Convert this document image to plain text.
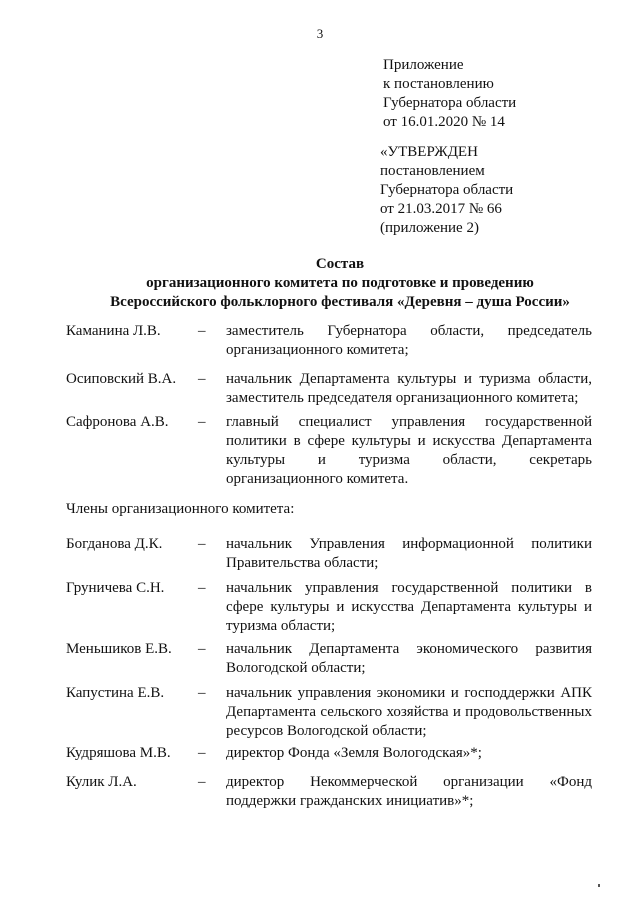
3
Приложение
к постановлению
Губернатора области
от 16.01.2020 № 14
«УТВЕРЖДЕН
постановлением
Губернатора области
от 21.03.2017 № 66
(приложение 2)
Состав
организационного комитета по подготовке и проведению
Всероссийского фольклорного фестиваля «Деревня – душа России»
Каманина Л.В. – заместитель Губернатора области, председатель организационного комитета;
Осиповский В.А. – начальник Департамента культуры и туризма области, заместитель председателя организационного комитета;
Сафронова А.В. – главный специалист управления государственной политики в сфере культуры и искусства Департамента культуры и туризма области, секретарь организационного комитета.
Члены организационного комитета:
Богданова Д.К. – начальник Управления информационной политики Правительства области;
Груничева С.Н. – начальник управления государственной политики в сфере культуры и искусства Департамента культуры и туризма области;
Меньшиков Е.В. – начальник Департамента экономического развития Вологодской области;
Капустина Е.В. – начальник управления экономики и господдержки АПК Департамента сельского хозяйства и продовольственных ресурсов Вологодской области;
Кудряшова М.В. – директор Фонда «Земля Вологодская»*;
Кулик Л.А.	– директор Некоммерческой организации «Фонд поддержки гражданских инициатив»*;
